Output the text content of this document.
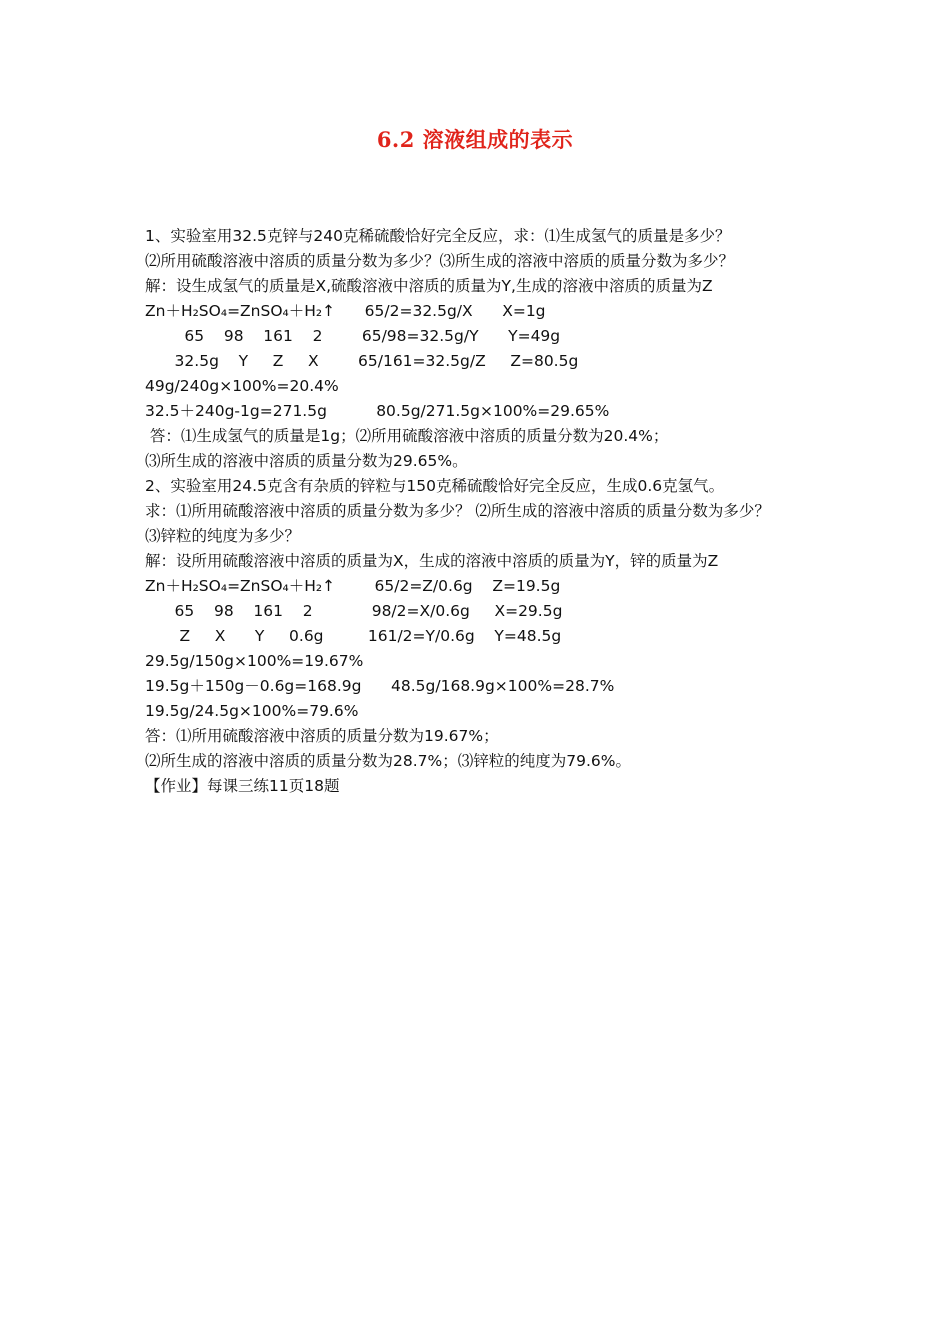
6.2 溶液组成的表示
1、实验室用32.5克锌与240克稀硫酸恰好完全反应，求：⑴生成氢气的质量是多少？
⑵所用硫酸溶液中溶质的质量分数为多少？⑶所生成的溶液中溶质的质量分数为多少？
解：设生成氢气的质量是X,硫酸溶液中溶质的质量为Y,生成的溶液中溶质的质量为Z
Zn＋H₂SO₄=ZnSO₄＋H₂↑      65/2=32.5g/X      X=1g
65    98    161    2        65/98=32.5g/Y      Y=49g
32.5g    Y     Z     X        65/161=32.5g/Z     Z=80.5g
49g/240g×100%=20.4%
32.5＋240g-1g=271.5g          80.5g/271.5g×100%=29.65%
答：⑴生成氢气的质量是1g；⑵所用硫酸溶液中溶质的质量分数为20.4%；
⑶所生成的溶液中溶质的质量分数为29.65%。
2、实验室用24.5克含有杂质的锌粒与150克稀硫酸恰好完全反应，生成0.6克氢气。
求：⑴所用硫酸溶液中溶质的质量分数为多少？ ⑵所生成的溶液中溶质的质量分数为多少？
⑶锌粒的纯度为多少？
解：设所用硫酸溶液中溶质的质量为X，生成的溶液中溶质的质量为Y，锌的质量为Z
Zn＋H₂SO₄=ZnSO₄＋H₂↑        65/2=Z/0.6g    Z=19.5g
65    98    161    2            98/2=X/0.6g     X=29.5g
Z     X      Y     0.6g         161/2=Y/0.6g    Y=48.5g
29.5g/150g×100%=19.67%
19.5g＋150g－0.6g=168.9g      48.5g/168.9g×100%=28.7%
19.5g/24.5g×100%=79.6%
答：⑴所用硫酸溶液中溶质的质量分数为19.67%；
⑵所生成的溶液中溶质的质量分数为28.7%；⑶锌粒的纯度为79.6%。
【作业】每课三练11页18题
